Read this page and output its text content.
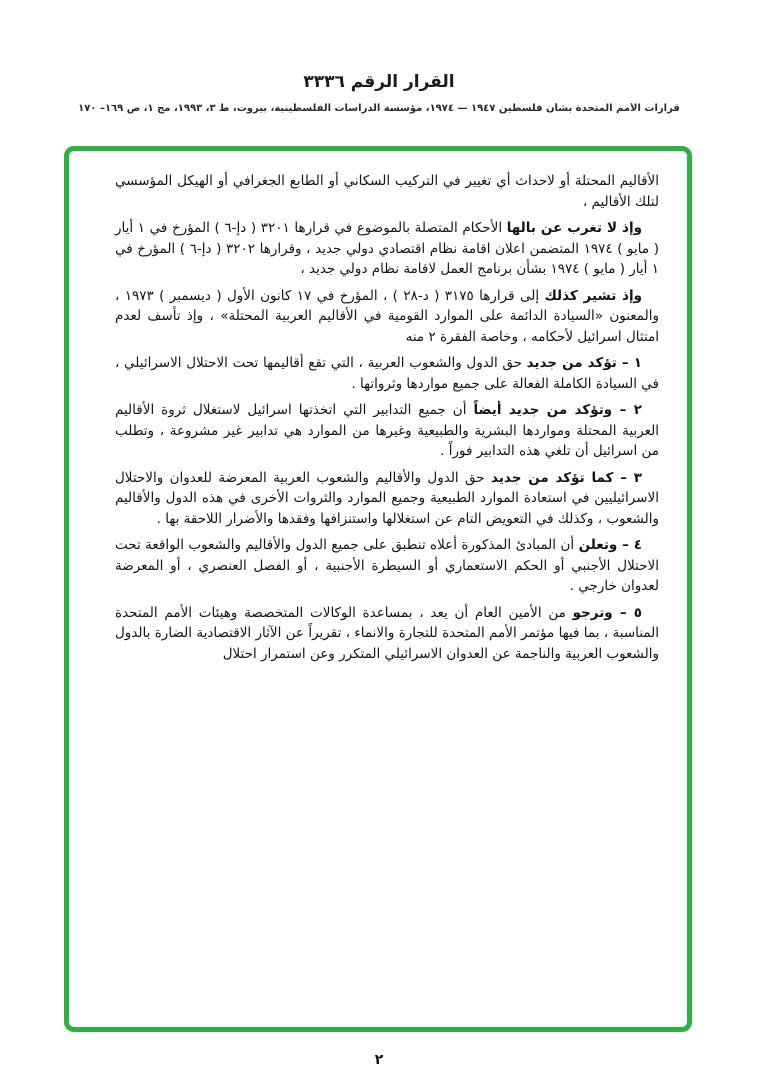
القرار الرقم ٣٣٣٦
قرارات الأمم المتحدة بشأن فلسطين ١٩٤٧ — ١٩٧٤، مؤسسة الدراسات الفلسطينية، بيروت، ط ٣، ١٩٩٣، مج ١، ص ١٦٩– ١٧٠

الأقاليم المحتلة أو لاحداث أي تغيير في التركيب السكاني أو الطابع الجغرافي أو الهيكل المؤسسي لتلك الأقاليم ،

وإذ لا تغرب عن بالها الأحكام المتصلة بالموضوع في قرارها ٣٢٠١ ( دإ-٦ ) المؤرخ في ١ أيار ( مايو ) ١٩٧٤ المتضمن اعلان اقامة نظام اقتصادي دولي جديد ، وقرارها ٣٢٠٢ ( دإ-٦ ) المؤرخ في ١ أيار ( مايو ) ١٩٧٤ بشأن برنامج العمل لاقامة نظام دولي جديد ،

وإذ تشير كذلك إلى قرارها ٣١٧٥ ( د-٢٨ ) ، المؤرخ في ١٧ كانون الأول ( ديسمبر ) ١٩٧٣ ، والمعنون «السيادة الدائمة على الموارد القومية في الأقاليم العربية المحتلة» ، وإذ تأسف لعدم امتثال اسرائيل لأحكامه ، وخاصة الفقرة ٢ منه

١ – تؤكد من جديد حق الدول والشعوب العربية ، التي تقع أقاليمها تحت الاحتلال الاسرائيلي ، في السيادة الكاملة الفعالة على جميع مواردها وثرواتها .

٢ – وتؤكد من جديد أيضاً أن جميع التدابير التي اتخذتها اسرائيل لاستغلال ثروة الأقاليم العربية المحتلة ومواردها البشرية والطبيعية وغيرها من الموارد هي تدابير غير مشروعة ، وتطلب من اسرائيل أن تلغي هذه التدابير فوراً .

٣ – كما تؤكد من جديد حق الدول والأقاليم والشعوب العربية المعرضة للعدوان والاحتلال الاسرائيليين في استعادة الموارد الطبيعية وجميع الموارد والثروات الأخرى في هذه الدول والأقاليم والشعوب ، وكذلك في التعويض التام عن استغلالها واستنزافها وفقدها والأضرار اللاحقة بها .

٤ – وتعلن أن المبادئ المذكورة أعلاه تنطبق على جميع الدول والأقاليم والشعوب الواقعة تحت الاحتلال الأجنبي أو الحكم الاستعماري أو السيطرة الأجنبية ، أو الفصل العنصري ، أو المعرضة لعدوان خارجي .

٥ – وترجو من الأمين العام أن يعد ، بمساعدة الوكالات المتخصصة وهيئات الأمم المتحدة المناسبة ، بما فيها مؤتمر الأمم المتحدة للتجارة والانماء ، تقريراً عن الآثار الاقتصادية الضارة بالدول والشعوب العربية والناجمة عن العدوان الاسرائيلي المتكرر وعن استمرار احتلال

٢
